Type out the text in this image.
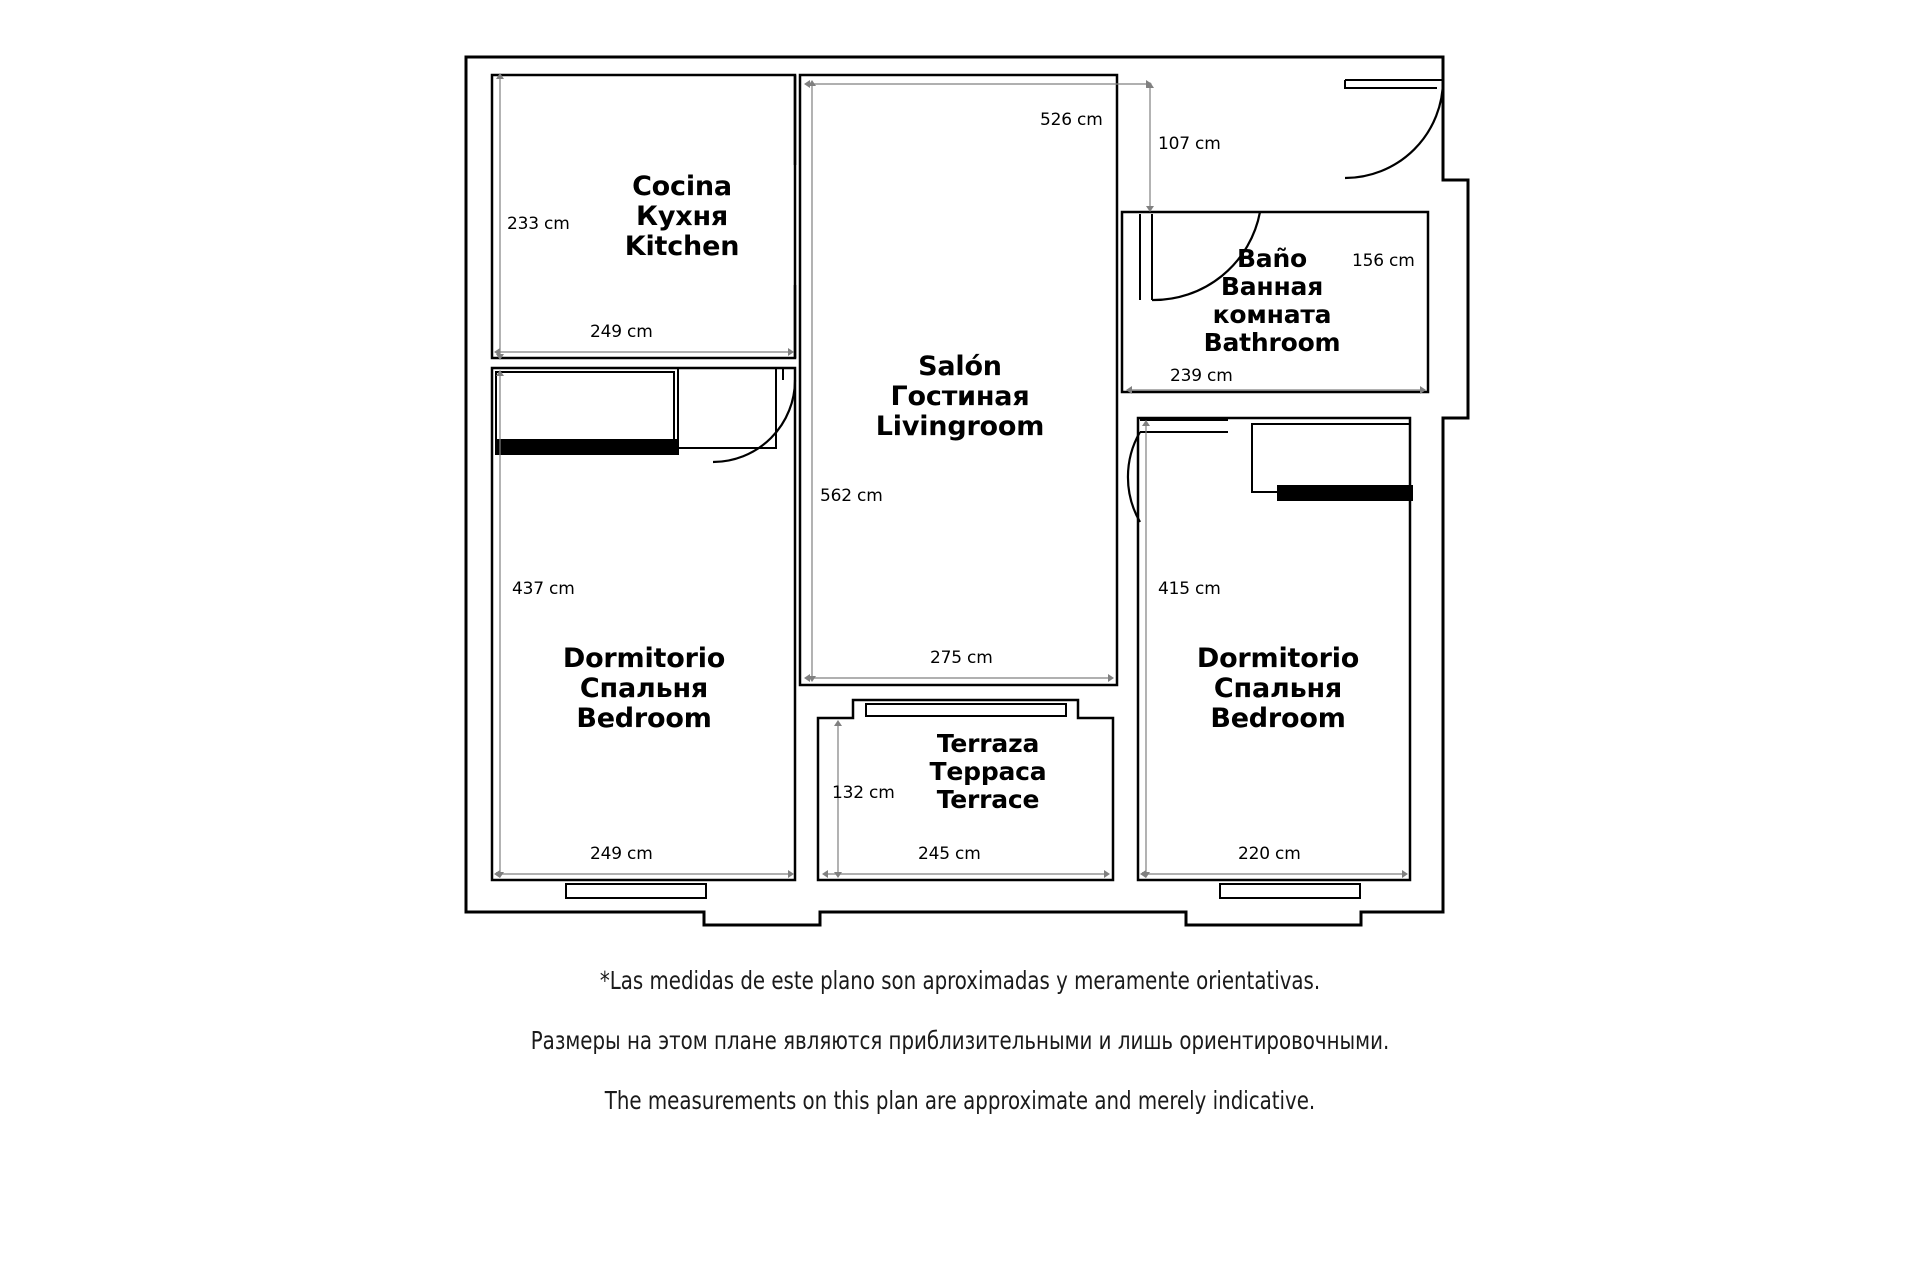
Cocina
Кухня
Kitchen
Salón
Гостиная
Livingroom
Baño
Ванная
комната
Bathroom
Dormitorio
Спальня
Bedroom
Dormitorio
Спальня
Bedroom
Terraza
Терраса
Terrace
233 cm
249 cm
526 cm
107 cm
156 cm
239 cm
562 cm
275 cm
437 cm
249 cm
415 cm
220 cm
132 cm
245 cm
*Las medidas de este plano son aproximadas y meramente orientativas.
Размеры на этом плане являются приблизительными и лишь ориентировочными.
The measurements on this plan are approximate and merely indicative.
